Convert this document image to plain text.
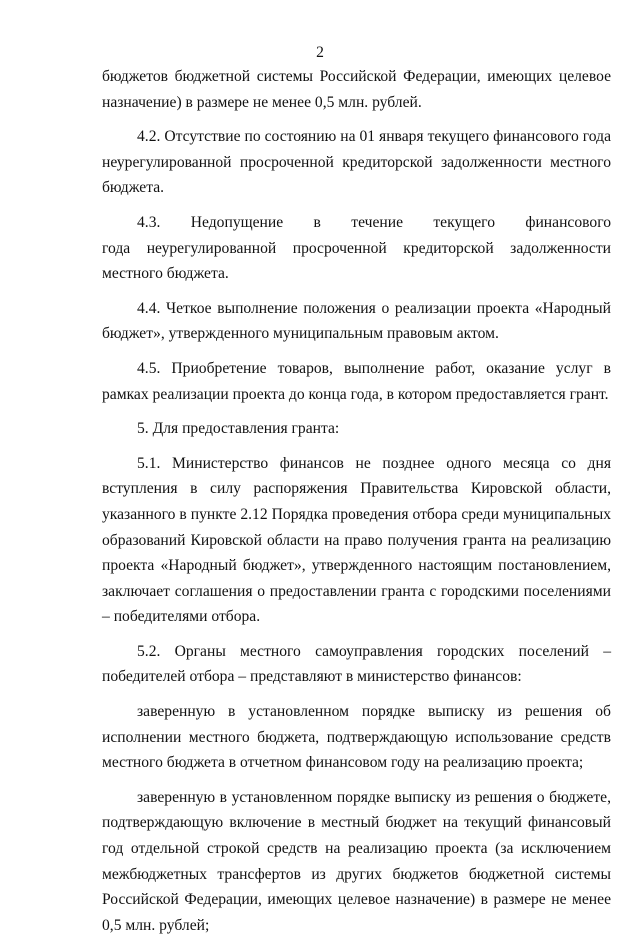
2

бюджетов бюджетной системы Российской Федерации, имеющих целевое назначение) в размере не менее 0,5 млн. рублей.

4.2. Отсутствие по состоянию на 01 января текущего финансового года неурегулированной просроченной кредиторской задолженности местного бюджета.

4.3.      Недопущение      в      течение      текущего      финансового      года неурегулированной просроченной кредиторской задолженности местного бюджета.

4.4. Четкое выполнение положения о реализации проекта «Народный бюджет», утвержденного муниципальным правовым актом.

4.5. Приобретение товаров, выполнение работ, оказание услуг в рамках реализации проекта до конца года, в котором предоставляется грант.

5. Для предоставления гранта:

5.1. Министерство финансов не позднее одного месяца со дня вступления в силу распоряжения Правительства Кировской области, указанного в пункте 2.12 Порядка проведения отбора среди муниципальных образований Кировской области на право получения гранта на реализацию проекта «Народный бюджет», утвержденного настоящим постановлением, заключает соглашения о предоставлении гранта с городскими поселениями – победителями отбора.

5.2. Органы местного самоуправления городских поселений – победителей отбора – представляют в министерство финансов:

заверенную в установленном порядке выписку из решения об исполнении местного бюджета, подтверждающую использование средств местного бюджета в отчетном финансовом году на реализацию проекта;

заверенную в установленном порядке выписку из решения о бюджете, подтверждающую включение в местный бюджет на текущий финансовый год отдельной строкой средств на реализацию проекта (за исключением межбюджетных трансфертов из других бюджетов бюджетной системы Российской Федерации, имеющих целевое назначение) в размере не менее 0,5 млн. рублей;
